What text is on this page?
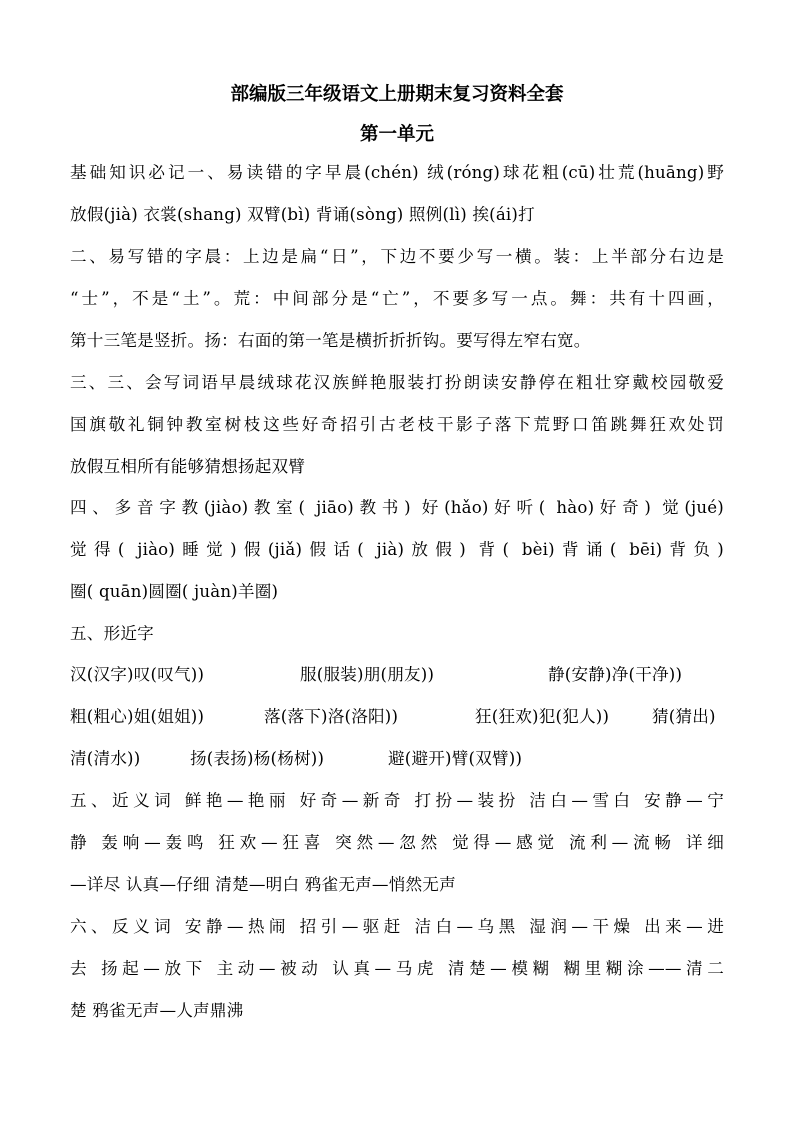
部编版三年级语文上册期末复习资料全套
第一单元

基础知识必记一、易读错的字早晨(chén) 绒(róng)球花粗(cū)壮荒(huāng)野

放假(jià) 衣裳(shang) 双臂(bì) 背诵(sòng) 照例(lì) 挨(ái)打

二、易写错的字晨：上边是扁“日”，下边不要少写一横。装：上半部分右边是

“士”，不是“土”。荒：中间部分是“亡”，不要多写一点。舞：共有十四画，

第十三笔是竖折。扬：右面的第一笔是横折折折钩。要写得左窄右宽。

三、三、会写词语早晨绒球花汉族鲜艳服装打扮朗读安静停在粗壮穿戴校园敬爱

国旗敬礼铜钟教室树枝这些好奇招引古老枝干影子落下荒野口笛跳舞狂欢处罚

放假互相所有能够猜想扬起双臂

四、多音字教(jiào)教室( jiāo)教书) 好(hǎo)好听( hào)好奇) 觉(jué)

觉得( jiào)睡觉)假(jiǎ)假话( jià)放假) 背( bèi)背诵( bēi)背负)

圈( quān)圆圈( juàn)羊圈)

五、形近字

汉(汉字)叹(叹气))	服(服装)朋(朋友))	静(安静)净(干净))
粗(粗心)姐(姐姐))	落(落下)洛(洛阳))	狂(狂欢)犯(犯人))	猜(猜出)
清(清水))	扬(表扬)杨(杨树))	避(避开)臂(双臂))

五、近义词 鲜艳—艳丽 好奇—新奇 打扮—装扮 洁白—雪白 安静—宁

静 轰响—轰鸣 狂欢—狂喜 突然—忽然 觉得—感觉 流利—流畅 详细

—详尽 认真—仔细 清楚—明白 鸦雀无声—悄然无声

六、反义词 安静—热闹 招引—驱赶 洁白—乌黑 湿润—干燥 出来—进

去 扬起—放下 主动—被动 认真—马虎 清楚—模糊 糊里糊涂——清二

楚 鸦雀无声—人声鼎沸
